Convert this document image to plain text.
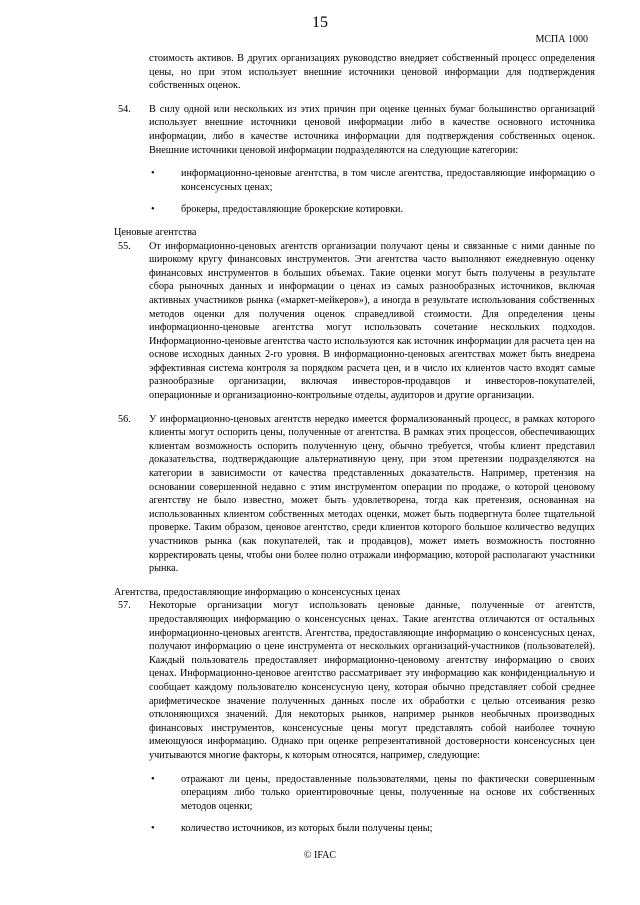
15
МСПА 1000

стоимость активов. В других организациях руководство внедряет собственный процесс определения цены, но при этом использует внешние источники ценовой информации для подтверждения собственных оценок.

54. В силу одной или нескольких из этих причин при оценке ценных бумаг большинство организаций использует внешние источники ценовой информации либо в качестве основного источника информации, либо в качестве источника информации для подтверждения собственных оценок. Внешние источники ценовой информации подразделяются на следующие категории:

•	информационно-ценовые агентства, в том числе агентства, предоставляющие информацию о консенсусных ценах;
•	брокеры, предоставляющие брокерские котировки.

Ценовые агентства

55. От информационно-ценовых агентств организации получают цены и связанные с ними данные по широкому кругу финансовых инструментов. Эти агентства часто выполняют ежедневную оценку финансовых инструментов в больших объемах. Такие оценки могут быть получены в результате сбора рыночных данных и информации о ценах из самых разнообразных источников, включая активных участников рынка («маркет-мейкеров»), а иногда в результате использования собственных методов оценки для получения оценок справедливой стоимости. Для определения цены информационно-ценовые агентства могут использовать сочетание нескольких подходов. Информационно-ценовые агентства часто используются как источник информации для расчета цен на основе исходных данных 2-го уровня. В информационно-ценовых агентствах может быть внедрена эффективная система контроля за порядком расчета цен, и в число их клиентов часто входят самые разнообразные организации, включая инвесторов-продавцов и инвесторов-покупателей, операционные и организационно-контрольные отделы, аудиторов и другие организации.

56. У информационно-ценовых агентств нередко имеется формализованный процесс, в рамках которого клиенты могут оспорить цены, полученные от агентства. В рамках этих процессов, обеспечивающих клиентам возможность оспорить полученную цену, обычно требуется, чтобы клиент представил доказательства, подтверждающие альтернативную цену, при этом претензии подразделяются на категории в зависимости от качества представленных доказательств. Например, претензия на основании совершенной недавно с этим инструментом операции по продаже, о которой ценовому агентству не было известно, может быть удовлетворена, тогда как претензия, основанная на использованных клиентом собственных методах оценки, может быть подвергнута более тщательной проверке. Таким образом, ценовое агентство, среди клиентов которого большое количество ведущих участников рынка (как покупателей, так и продавцов), может иметь возможность постоянно корректировать цены, чтобы они более полно отражали информацию, которой располагают участники рынка.

Агентства, предоставляющие информацию о консенсусных ценах

57. Некоторые организации могут использовать ценовые данные, полученные от агентств, предоставляющих информацию о консенсусных ценах. Такие агентства отличаются от остальных информационно-ценовых агентств. Агентства, предоставляющие информацию о консенсусных ценах, получают информацию о цене инструмента от нескольких организаций-участников (пользователей). Каждый пользователь предоставляет информационно-ценовому агентству информацию о своих ценах. Информационно-ценовое агентство рассматривает эту информацию как конфиденциальную и сообщает каждому пользователю консенсусную цену, которая обычно представляет собой среднее арифметическое значение полученных данных после их обработки с целью отсеивания резко отклоняющихся значений. Для некоторых рынков, например рынков необычных производных финансовых инструментов, консенсусные цены могут представлять собой наиболее точную имеющуюся информацию. Однако при оценке репрезентативной достоверности консенсусных цен учитываются многие факторы, к которым относятся, например, следующие:

•	отражают ли цены, предоставленные пользователями, цены по фактически совершенным операциям либо только ориентировочные цены, полученные на основе их собственных методов оценки;
•	количество источников, из которых были получены цены;
© IFAC
